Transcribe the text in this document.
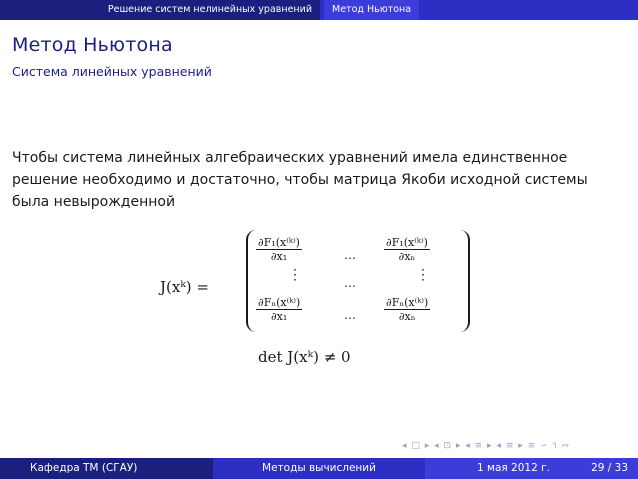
Решение систем нелинейных уравнений	Метод Ньютона
Метод Ньютона
Система линейных уравнений
Чтобы система линейных алгебраических уравнений имела единственное решение необходимо и достаточно, чтобы матрица Якоби исходной системы была невырожденной
J(xᵏ) =
$\frac{\text{∂F₁(x⁽ᵏ⁾)}}{\text{∂x₁}}$	…	$\frac{\text{∂F₁(x⁽ᵏ⁾)}}{\text{∂xₙ}}$
⋮	…	⋮
$\frac{\text{∂Fₙ(x⁽ᵏ⁾)}}{\text{∂x₁}}$	…	$\frac{\text{∂Fₙ(x⁽ᵏ⁾)}}{\text{∂xₙ}}$
det J(xᵏ) ≠ 0
◂ □ ▸ ◂ ⊡ ▸ ◂ ≡ ▸ ◂ ≡ ▸ ≡ ∽ ૧ ∾
Кафедра ТМ (СГАУ)	Методы вычислений	1 мая 2012 г.	29 / 33
